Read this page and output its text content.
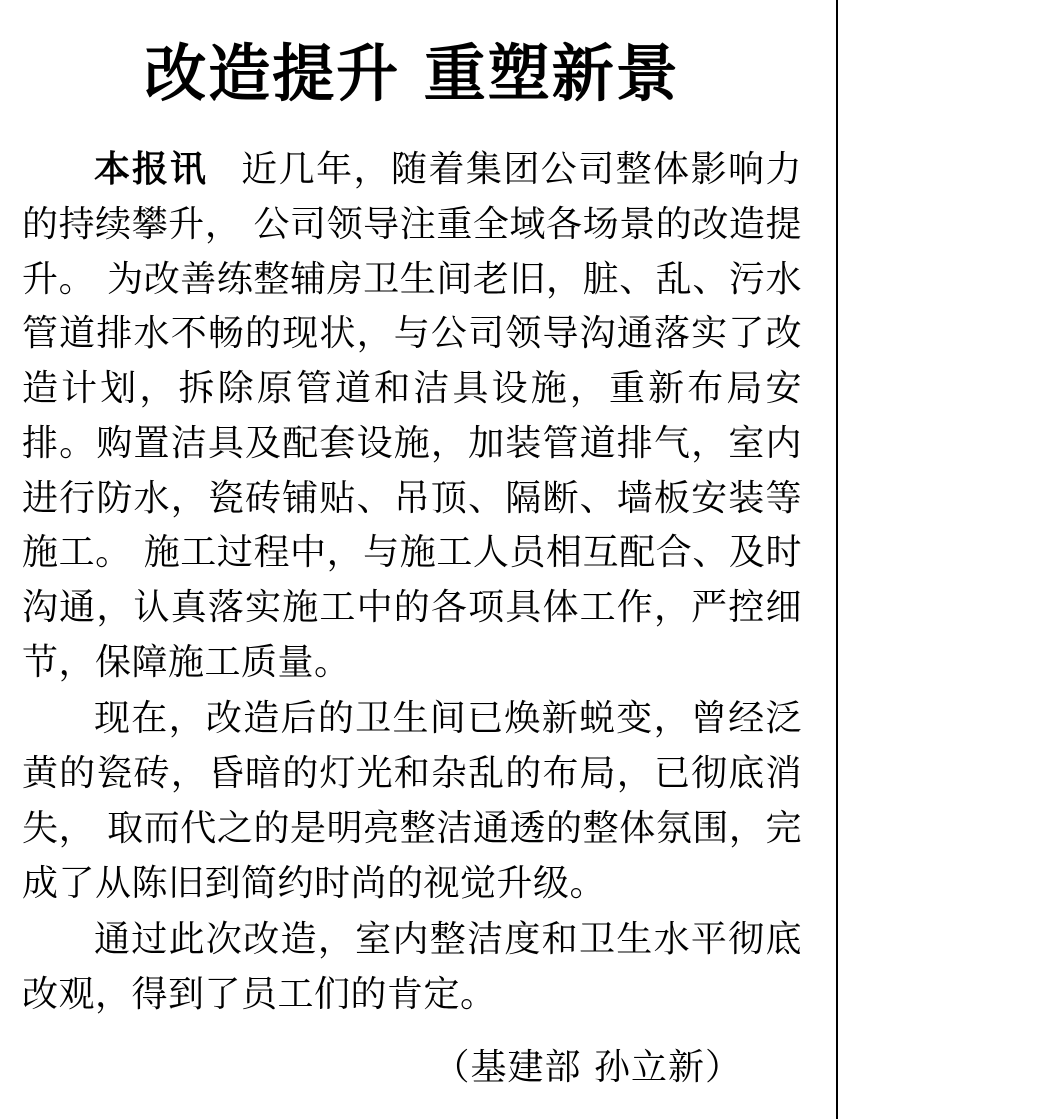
改造提升 重塑新景

本报讯 近几年，随着集团公司整体影响力的持续攀升， 公司领导注重全域各场景的改造提升。 为改善练整辅房卫生间老旧，脏、乱、污水管道排水不畅的现状，与公司领导沟通落实了改造计划，拆除原管道和洁具设施，重新布局安排。购置洁具及配套设施，加装管道排气，室内进行防水，瓷砖铺贴、吊顶、隔断、墙板安装等施工。 施工过程中，与施工人员相互配合、及时沟通，认真落实施工中的各项具体工作，严控细节，保障施工质量。

现在，改造后的卫生间已焕新蜕变，曾经泛黄的瓷砖，昏暗的灯光和杂乱的布局，已彻底消失， 取而代之的是明亮整洁通透的整体氛围，完成了从陈旧到简约时尚的视觉升级。

通过此次改造，室内整洁度和卫生水平彻底改观，得到了员工们的肯定。

（基建部 孙立新）
